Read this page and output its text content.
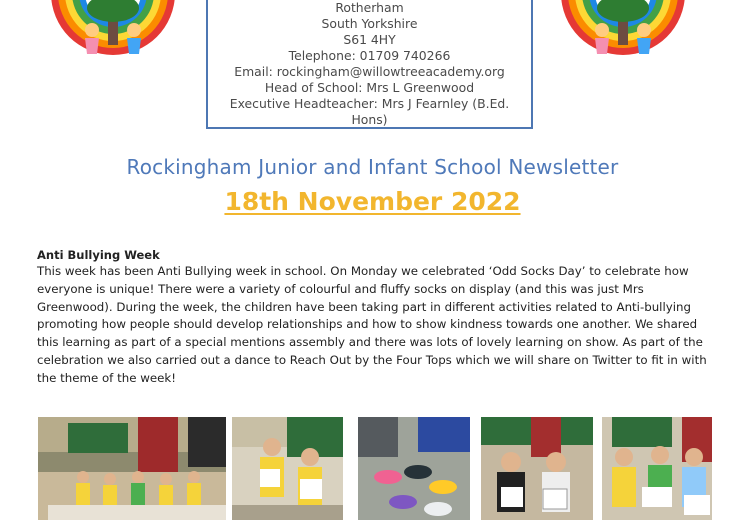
Rotherham
South Yorkshire
S61 4HY
Telephone: 01709 740266
Email: rockingham@willowtreeacademy.org
Head of School: Mrs L Greenwood
Executive Headteacher: Mrs J Fearnley (B.Ed.
Hons)
Rockingham Junior and Infant School Newsletter
18th November 2022
Anti Bullying Week
This week has been Anti Bullying week in school. On Monday we celebrated ‘Odd Socks Day’ to celebrate how everyone is unique! There were a variety of colourful and fluffy socks on display (and this was just Mrs Greenwood). During the week, the children have been taking part in different activities related to Anti-bullying promoting how people should develop relationships and how to show kindness towards one another. We shared this learning as part of a special mentions assembly and there was lots of lovely learning on show. As part of the celebration we also carried out a dance to Reach Out by the Four Tops which we will share on Twitter to fit in with the theme of the week!
